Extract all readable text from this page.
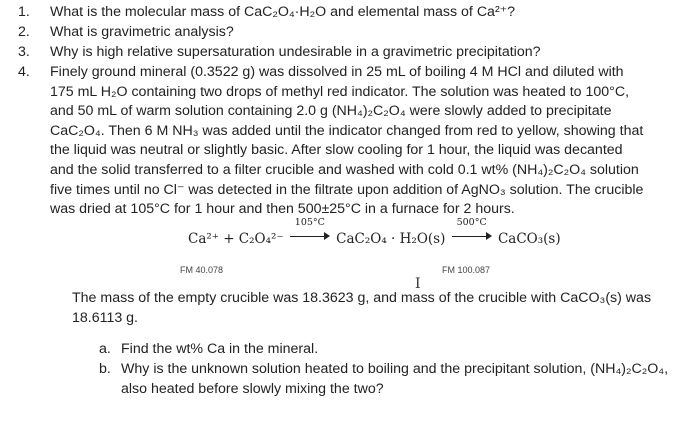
1.	What is the molecular mass of CaC₂O₄·H₂O and elemental mass of Ca²⁺?
2.	What is gravimetric analysis?
3.	Why is high relative supersaturation undesirable in a gravimetric precipitation?
4.	Finely ground mineral (0.3522 g) was dissolved in 25 mL of boiling 4 M HCl and diluted with
175 mL H₂O containing two drops of methyl red indicator. The solution was heated to 100°C,
and 50 mL of warm solution containing 2.0 g (NH₄)₂C₂O₄ were slowly added to precipitate
CaC₂O₄. Then 6 M NH₃ was added until the indicator changed from red to yellow, showing that
the liquid was neutral or slightly basic. After slow cooling for 1 hour, the liquid was decanted
and the solid transferred to a filter crucible and washed with cold 0.1 wt% (NH₄)₂C₂O₄ solution
five times until no Cl⁻ was detected in the filtrate upon addition of AgNO₃ solution. The crucible
was dried at 105°C for 1 hour and then 500±25°C in a furnace for 2 hours.
Ca²⁺ + C₂O₄²⁻
105°C
CaC₂O₄ · H₂O(s)
500°C
CaCO₃(s)
FM 40.078	FM 100.087
I
The mass of the empty crucible was 18.3623 g, and mass of the crucible with CaCO₃(s) was
18.6113 g.
a. Find the wt% Ca in the mineral.
b. Why is the unknown solution heated to boiling and the precipitant solution, (NH₄)₂C₂O₄,
also heated before slowly mixing the two?
